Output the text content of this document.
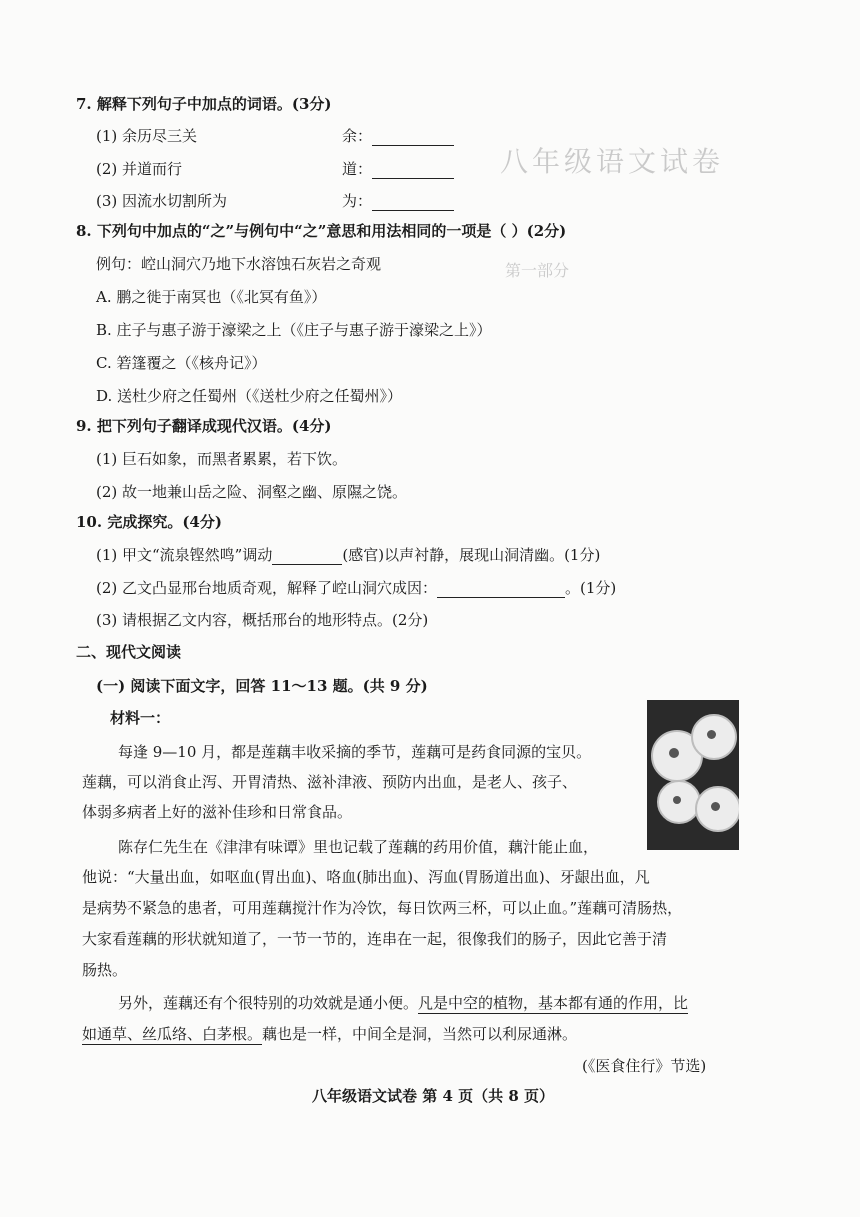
八年级语文试卷
第一部分
7. 解释下列句子中加点的词语。(3分)
(1) 余历尽三关	余：
(2) 并道而行	道：
(3) 因流水切割所为	为：
8. 下列句中加点的“之”与例句中“之”意思和用法相同的一项是（ ）(2分)
例句：崆山洞穴乃地下水溶蚀石灰岩之奇观
A. 鹏之徙于南冥也（《北冥有鱼》）
B. 庄子与惠子游于濠梁之上（《庄子与惠子游于濠梁之上》）
C. 箬篷覆之（《核舟记》）
D. 送杜少府之任蜀州（《送杜少府之任蜀州》）
9. 把下列句子翻译成现代汉语。(4分)
(1) 巨石如象，而黑者累累，若下饮。
(2) 故一地兼山岳之险、洞壑之幽、原隰之饶。
10. 完成探究。(4分)
(1) 甲文“流泉铿然鸣”调动	(感官)以声衬静，展现山洞清幽。(1分)
(2) 乙文凸显邢台地质奇观，解释了崆山洞穴成因：	。(1分)
(3) 请根据乙文内容，概括邢台的地形特点。(2分)
二、现代文阅读
(一) 阅读下面文字，回答 11～13 题。(共 9 分)
材料一：
每逢 9—10 月，都是莲藕丰收采摘的季节，莲藕可是药食同源的宝贝。
莲藕，可以消食止泻、开胃清热、滋补津液、预防内出血，是老人、孩子、
体弱多病者上好的滋补佳珍和日常食品。
陈存仁先生在《津津有味谭》里也记载了莲藕的药用价值，藕汁能止血，
他说：“大量出血，如呕血(胃出血)、咯血(肺出血)、泻血(胃肠道出血)、牙龈出血，凡
是病势不紧急的患者，可用莲藕搅汁作为冷饮，每日饮两三杯，可以止血。”莲藕可清肠热，
大家看莲藕的形状就知道了，一节一节的，连串在一起，很像我们的肠子，因此它善于清
肠热。
另外，莲藕还有个很特别的功效就是通小便。凡是中空的植物，基本都有通的作用，比
如通草、丝瓜络、白茅根。藕也是一样，中间全是洞，当然可以利尿通淋。
(《医食住行》节选)
八年级语文试卷 第 4 页（共 8 页）
